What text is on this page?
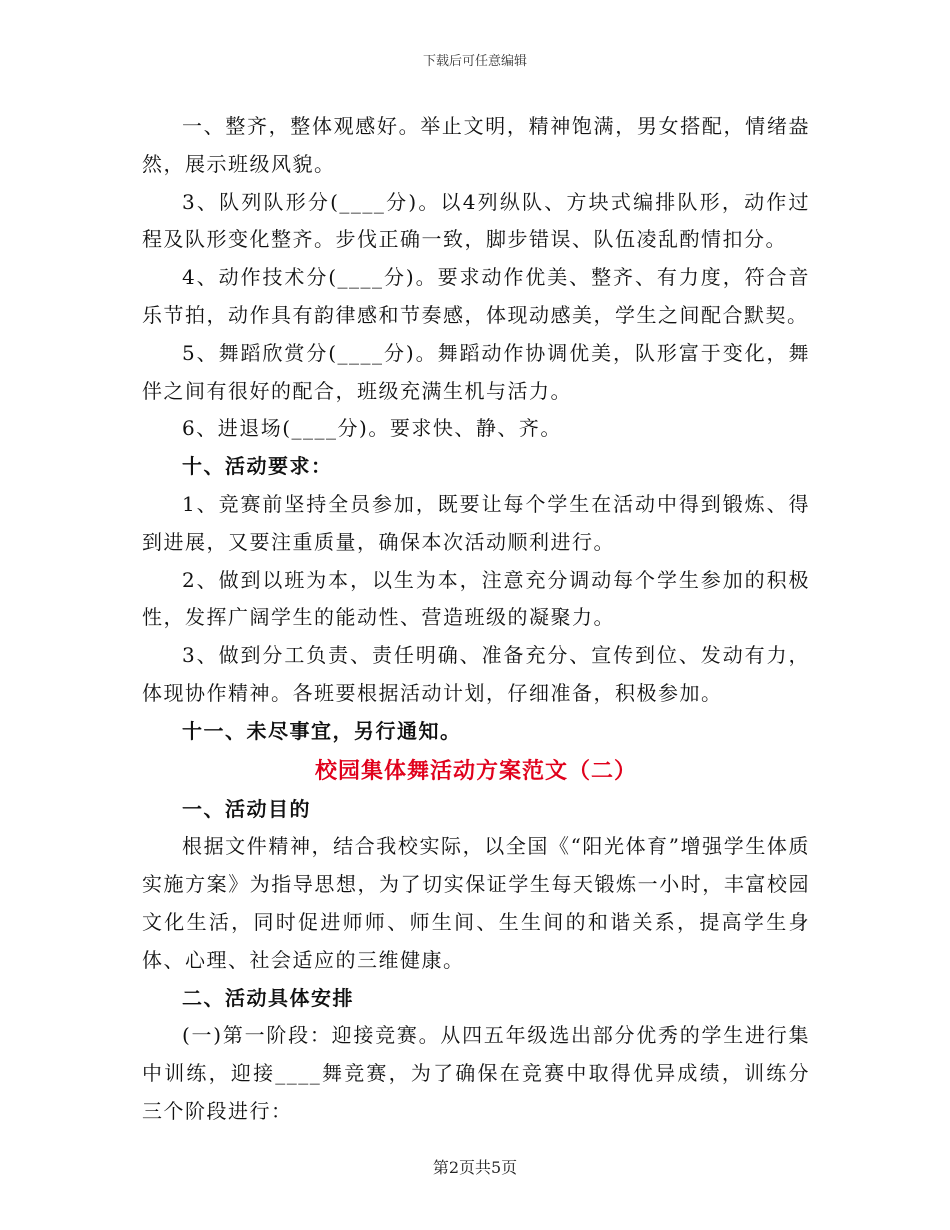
下载后可任意编辑

一、整齐，整体观感好。举止文明，精神饱满，男女搭配，情绪盎然，展示班级风貌。

3、队列队形分(____分)。以4列纵队、方块式编排队形，动作过程及队形变化整齐。步伐正确一致，脚步错误、队伍凌乱酌情扣分。

4、动作技术分(____分)。要求动作优美、整齐、有力度，符合音乐节拍，动作具有韵律感和节奏感，体现动感美，学生之间配合默契。

5、舞蹈欣赏分(____分)。舞蹈动作协调优美，队形富于变化，舞伴之间有很好的配合，班级充满生机与活力。

6、进退场(____分)。要求快、静、齐。

十、活动要求：

1、竞赛前坚持全员参加，既要让每个学生在活动中得到锻炼、得到进展，又要注重质量，确保本次活动顺利进行。

2、做到以班为本，以生为本，注意充分调动每个学生参加的积极性，发挥广阔学生的能动性、营造班级的凝聚力。

3、做到分工负责、责任明确、准备充分、宣传到位、发动有力，体现协作精神。各班要根据活动计划，仔细准备，积极参加。

十一、未尽事宜，另行通知。

校园集体舞活动方案范文（二）

一、活动目的

根据文件精神，结合我校实际，以全国《“阳光体育”增强学生体质实施方案》为指导思想，为了切实保证学生每天锻炼一小时，丰富校园文化生活，同时促进师师、师生间、生生间的和谐关系，提高学生身体、心理、社会适应的三维健康。

二、活动具体安排

(一)第一阶段：迎接竞赛。从四五年级选出部分优秀的学生进行集中训练，迎接____舞竞赛，为了确保在竞赛中取得优异成绩，训练分三个阶段进行：

第2页共5页
